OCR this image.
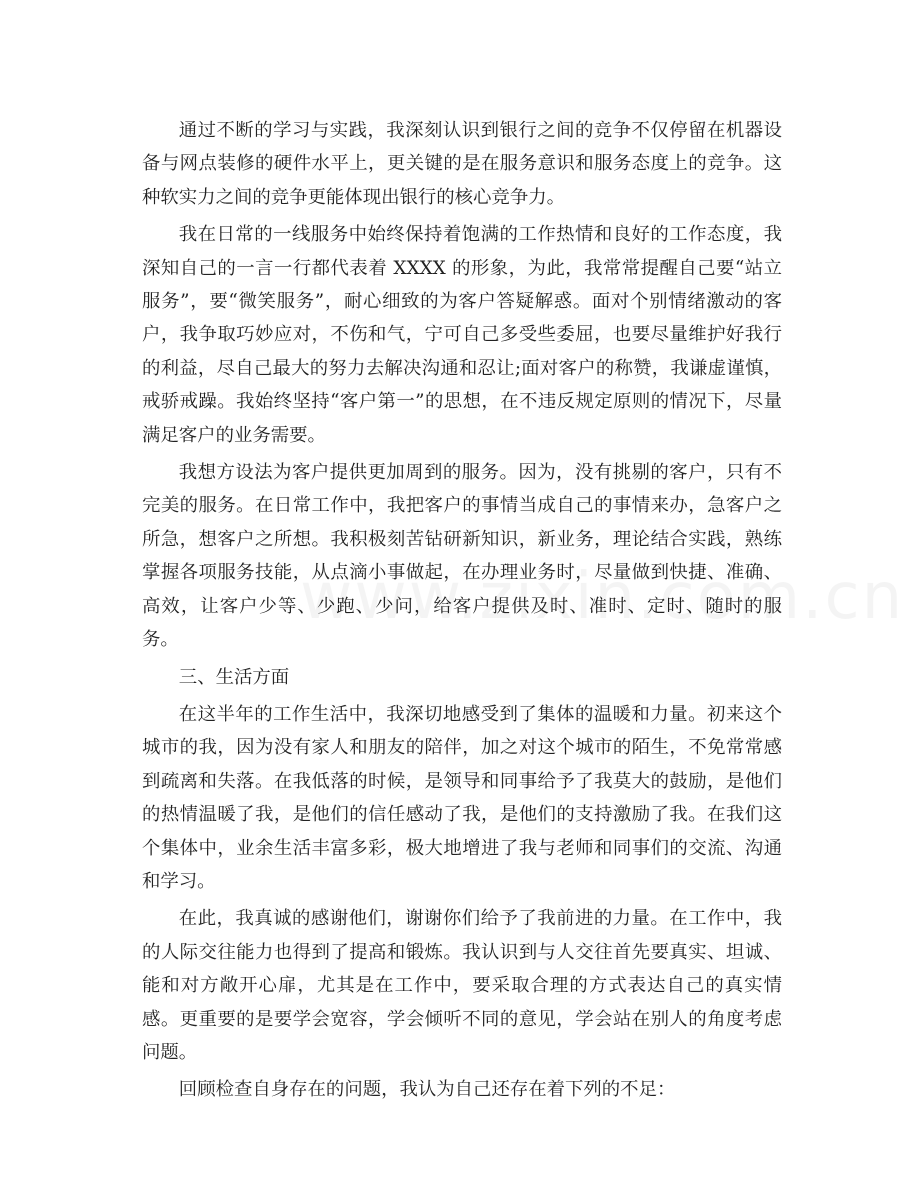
通过不断的学习与实践，我深刻认识到银行之间的竞争不仅停留在机器设备与网点装修的硬件水平上，更关键的是在服务意识和服务态度上的竞争。这种软实力之间的竞争更能体现出银行的核心竞争力。

我在日常的一线服务中始终保持着饱满的工作热情和良好的工作态度，我深知自己的一言一行都代表着 XXXX 的形象，为此，我常常提醒自己要“站立服务”，要“微笑服务”，耐心细致的为客户答疑解惑。面对个别情绪激动的客户，我争取巧妙应对，不伤和气，宁可自己多受些委屈，也要尽量维护好我行的利益，尽自己最大的努力去解决沟通和忍让;面对客户的称赞，我谦虚谨慎，戒骄戒躁。我始终坚持“客户第一”的思想，在不违反规定原则的情况下，尽量满足客户的业务需要。

我想方设法为客户提供更加周到的服务。因为，没有挑剔的客户，只有不完美的服务。在日常工作中，我把客户的事情当成自己的事情来办，急客户之所急，想客户之所想。我积极刻苦钻研新知识，新业务，理论结合实践，熟练掌握各项服务技能，从点滴小事做起，在办理业务时，尽量做到快捷、准确、高效，让客户少等、少跑、少问，给客户提供及时、准时、定时、随时的服务。

三、生活方面

在这半年的工作生活中，我深切地感受到了集体的温暖和力量。初来这个城市的我，因为没有家人和朋友的陪伴，加之对这个城市的陌生，不免常常感到疏离和失落。在我低落的时候，是领导和同事给予了我莫大的鼓励，是他们的热情温暖了我，是他们的信任感动了我，是他们的支持激励了我。在我们这个集体中，业余生活丰富多彩，极大地增进了我与老师和同事们的交流、沟通和学习。

在此，我真诚的感谢他们，谢谢你们给予了我前进的力量。在工作中，我的人际交往能力也得到了提高和锻炼。我认识到与人交往首先要真实、坦诚、能和对方敞开心扉，尤其是在工作中，要采取合理的方式表达自己的真实情感。更重要的是要学会宽容，学会倾听不同的意见，学会站在别人的角度考虑问题。

回顾检查自身存在的问题，我认为自己还存在着下列的不足：
